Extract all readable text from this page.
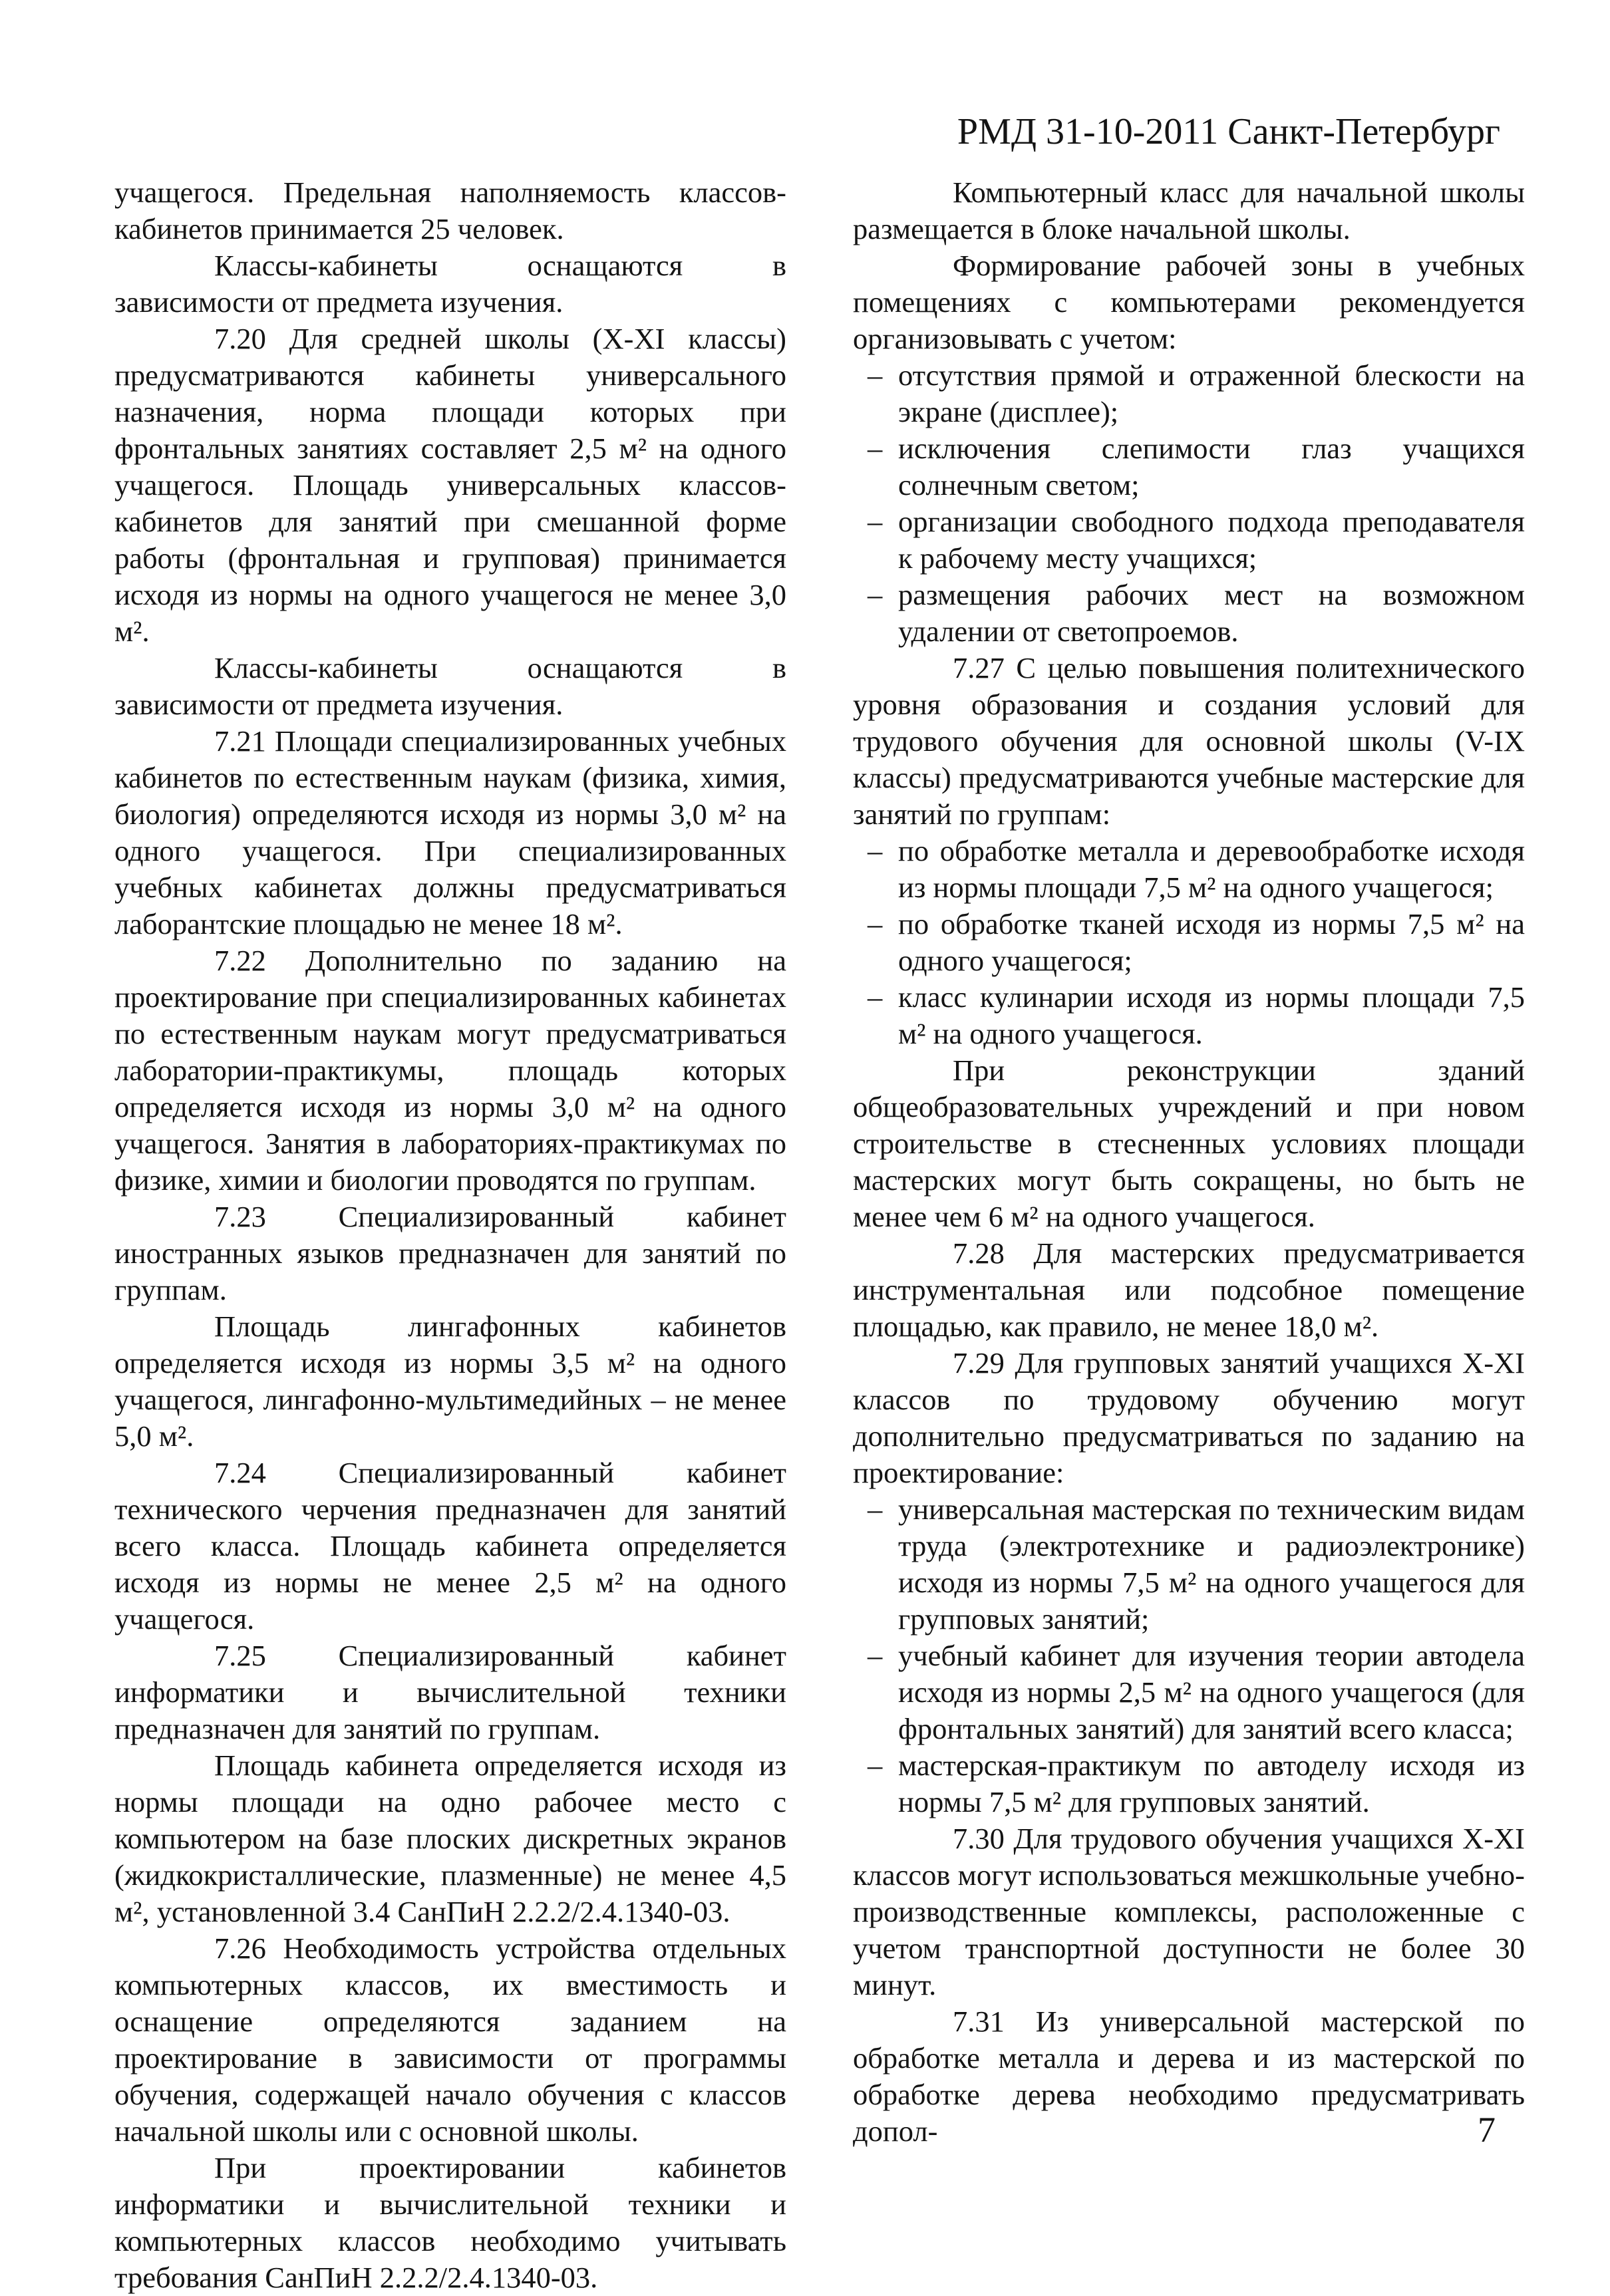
РМД 31-10-2011 Санкт-Петербург

учащегося. Предельная наполняемость классов-кабинетов принимается 25 человек.

Классы-кабинеты оснащаются в зависимости от предмета изучения.

7.20 Для средней школы (X-XI классы) предусматриваются кабинеты универсального назначения, норма площади которых при фронтальных занятиях составляет 2,5 м² на одного учащегося. Площадь универсальных классов-кабинетов для занятий при смешанной форме работы (фронтальная и групповая) принимается исходя из нормы на одного учащегося не менее 3,0 м².

Классы-кабинеты оснащаются в зависимости от предмета изучения.

7.21 Площади специализированных учебных кабинетов по естественным наукам (физика, химия, биология) определяются исходя из нормы 3,0 м² на одного учащегося. При специализированных учебных кабинетах должны предусматриваться лаборантские площадью не менее 18 м².

7.22 Дополнительно по заданию на проектирование при специализированных кабинетах по естественным наукам могут предусматриваться лаборатории-практикумы, площадь которых определяется исходя из нормы 3,0 м² на одного учащегося. Занятия в лабораториях-практикумах по физике, химии и биологии проводятся по группам.

7.23 Специализированный кабинет иностранных языков предназначен для занятий по группам.

Площадь лингафонных кабинетов определяется исходя из нормы 3,5 м² на одного учащегося, лингафонно-мультимедийных – не менее 5,0 м².

7.24 Специализированный кабинет технического черчения предназначен для занятий всего класса. Площадь кабинета определяется исходя из нормы не менее 2,5 м² на одного учащегося.

7.25 Специализированный кабинет информатики и вычислительной техники предназначен для занятий по группам.

Площадь кабинета определяется исходя из нормы площади на одно рабочее место с компьютером на базе плоских дискретных экранов (жидкокристаллические, плазменные) не менее 4,5 м², установленной 3.4 СанПиН 2.2.2/2.4.1340-03.

7.26 Необходимость устройства отдельных компьютерных классов, их вместимость и оснащение определяются заданием на проектирование в зависимости от программы обучения, содержащей начало обучения с классов начальной школы или с основной школы.

При проектировании кабинетов информатики и вычислительной техники и компьютерных классов необходимо учитывать требования СанПиН 2.2.2/2.4.1340-03.

Компьютерный класс для начальной школы размещается в блоке начальной школы.

Формирование рабочей зоны в учебных помещениях с компьютерами рекомендуется организовывать с учетом:

– отсутствия прямой и отраженной блескости на экране (дисплее);

– исключения слепимости глаз учащихся солнечным светом;

– организации свободного подхода преподавателя к рабочему месту учащихся;

– размещения рабочих мест на возможном удалении от светопроемов.

7.27 С целью повышения политехнического уровня образования и создания условий для трудового обучения для основной школы (V-IX классы) предусматриваются учебные мастерские для занятий по группам:

– по обработке металла и деревообработке исходя из нормы площади 7,5 м² на одного учащегося;

– по обработке тканей исходя из нормы 7,5 м² на одного учащегося;

– класс кулинарии исходя из нормы площади 7,5 м² на одного учащегося.

При реконструкции зданий общеобразовательных учреждений и при новом строительстве в стесненных условиях площади мастерских могут быть сокращены, но быть не менее чем 6 м² на одного учащегося.

7.28 Для мастерских предусматривается инструментальная или подсобное помещение площадью, как правило, не менее 18,0 м².

7.29 Для групповых занятий учащихся X-XI классов по трудовому обучению могут дополнительно предусматриваться по заданию на проектирование:

– универсальная мастерская по техническим видам труда (электротехнике и радиоэлектронике) исходя из нормы 7,5 м² на одного учащегося для групповых занятий;

– учебный кабинет для изучения теории автодела исходя из нормы 2,5 м² на одного учащегося (для фронтальных занятий) для занятий всего класса;

– мастерская-практикум по автоделу исходя из нормы 7,5 м² для групповых занятий.

7.30 Для трудового обучения учащихся X-XI классов могут использоваться межшкольные учебно-производственные комплексы, расположенные с учетом транспортной доступности не более 30 минут.

7.31 Из универсальной мастерской по обработке металла и дерева и из мастерской по обработке дерева необходимо предусматривать допол-	7
